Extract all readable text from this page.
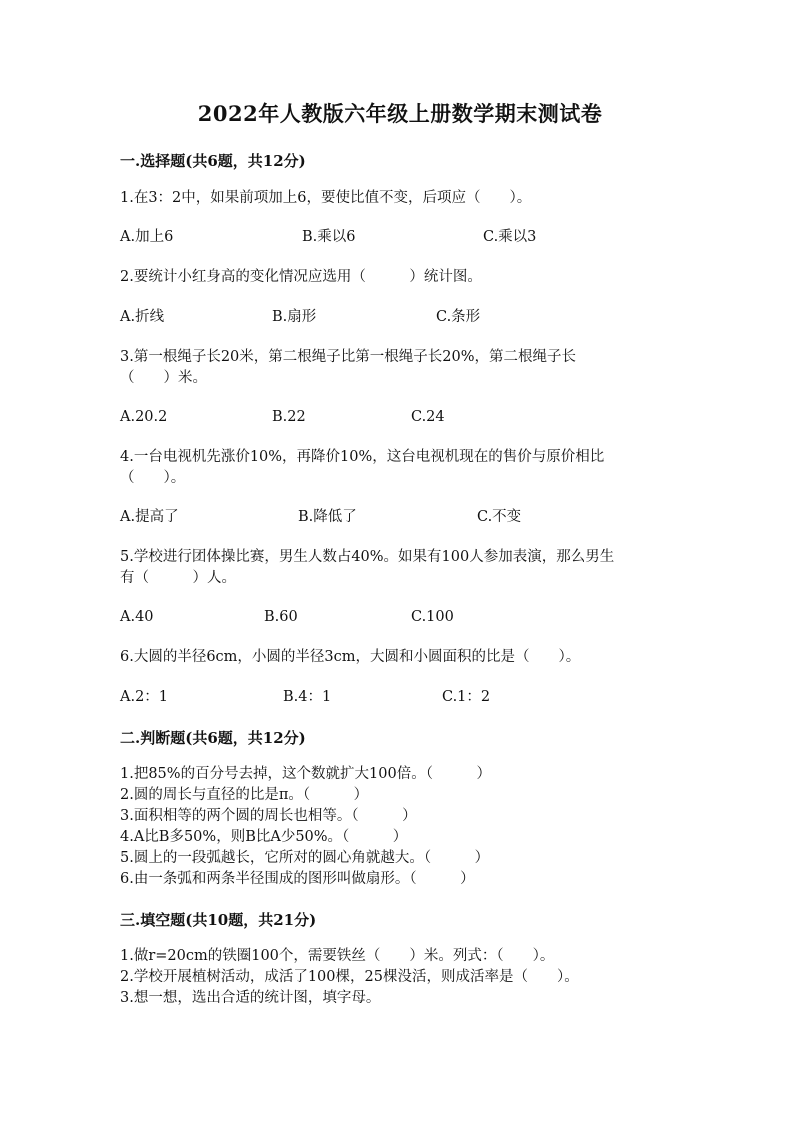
2022年人教版六年级上册数学期末测试卷
一.选择题(共6题，共12分)
1.在3：2中，如果前项加上6，要使比值不变，后项应（　　）。
A.加上6	B.乘以6	C.乘以3
2.要统计小红身高的变化情况应选用（　　　）统计图。
A.折线	B.扇形	C.条形
3.第一根绳子长20米，第二根绳子比第一根绳子长20%，第二根绳子长
（　　）米。
A.20.2	B.22	C.24
4.一台电视机先涨价10%，再降价10%，这台电视机现在的售价与原价相比
（　　）。
A.提高了	B.降低了	C.不变
5.学校进行团体操比赛，男生人数占40%。如果有100人参加表演，那么男生
有（　　　）人。
A.40	B.60	C.100
6.大圆的半径6cm，小圆的半径3cm，大圆和小圆面积的比是（　　）。
A.2：1	B.4：1	C.1：2
二.判断题(共6题，共12分)
1.把85%的百分号去掉，这个数就扩大100倍。（　　　）
2.圆的周长与直径的比是π。（　　　）
3.面积相等的两个圆的周长也相等。（　　　）
4.A比B多50%，则B比A少50%。（　　　）
5.圆上的一段弧越长，它所对的圆心角就越大。（　　　）
6.由一条弧和两条半径围成的图形叫做扇形。（　　　）
三.填空题(共10题，共21分)
1.做r=20cm的铁圈100个，需要铁丝（　　）米。列式：（　　）。
2.学校开展植树活动，成活了100棵，25棵没活，则成活率是（　　）。
3.想一想，选出合适的统计图，填字母。
